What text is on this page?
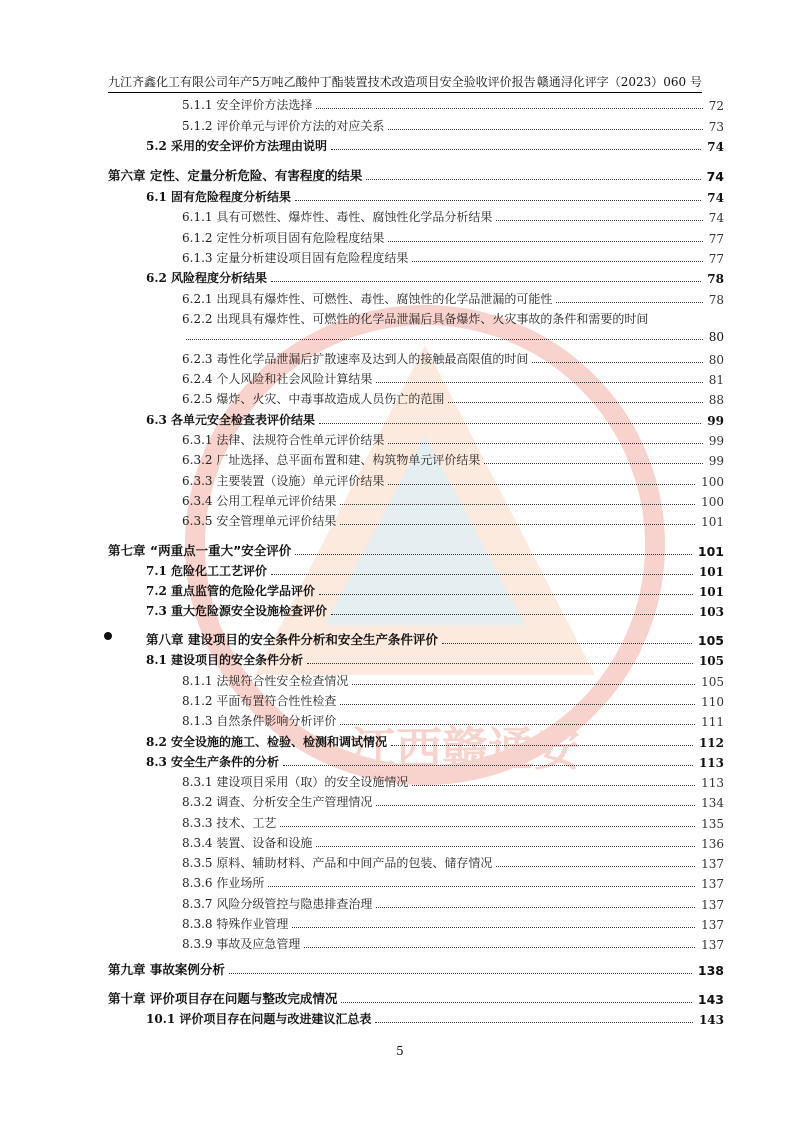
九江齐鑫化工有限公司年产5万吨乙酸仲丁酯装置技术改造项目安全验收评价报告 赣通浔化评字（2023）060 号
江西赣通安
5.1.1 安全评价方法选择	72
5.1.2 评价单元与评价方法的对应关系	73
5.2 采用的安全评价方法理由说明	74
第六章 定性、定量分析危险、有害程度的结果	74
6.1 固有危险程度分析结果	74
6.1.1 具有可燃性、爆炸性、毒性、腐蚀性化学品分析结果	74
6.1.2 定性分析项目固有危险程度结果	77
6.1.3 定量分析建设项目固有危险程度结果	77
6.2 风险程度分析结果	78
6.2.1 出现具有爆炸性、可燃性、毒性、腐蚀性的化学品泄漏的可能性	78
6.2.2 出现具有爆炸性、可燃性的化学品泄漏后具备爆炸、火灾事故的条件和需要的时间
80
6.2.3 毒性化学品泄漏后扩散速率及达到人的接触最高限值的时间	80
6.2.4 个人风险和社会风险计算结果	81
6.2.5 爆炸、火灾、中毒事故造成人员伤亡的范围	88
6.3 各单元安全检查表评价结果	99
6.3.1 法律、法规符合性单元评价结果	99
6.3.2 厂址选择、总平面布置和建、构筑物单元评价结果	99
6.3.3 主要装置（设施）单元评价结果	100
6.3.4 公用工程单元评价结果	100
6.3.5 安全管理单元评价结果	101
第七章 “两重点一重大”安全评价	101
7.1 危险化工工艺评价	101
7.2 重点监管的危险化学品评价	101
7.3 重大危险源安全设施检查评价	103
第八章 建设项目的安全条件分析和安全生产条件评价	105
8.1 建设项目的安全条件分析	105
8.1.1 法规符合性安全检查情况	105
8.1.2 平面布置符合性性检查	110
8.1.3 自然条件影响分析评价	111
8.2 安全设施的施工、检验、检测和调试情况	112
8.3 安全生产条件的分析	113
8.3.1 建设项目采用（取）的安全设施情况	113
8.3.2 调查、分析安全生产管理情况	134
8.3.3 技术、工艺	135
8.3.4 装置、设备和设施	136
8.3.5 原料、辅助材料、产品和中间产品的包装、储存情况	137
8.3.6 作业场所	137
8.3.7 风险分级管控与隐患排查治理	137
8.3.8 特殊作业管理	137
8.3.9 事故及应急管理	137
第九章 事故案例分析	138
第十章 评价项目存在问题与整改完成情况	143
10.1 评价项目存在问题与改进建议汇总表	143
5
